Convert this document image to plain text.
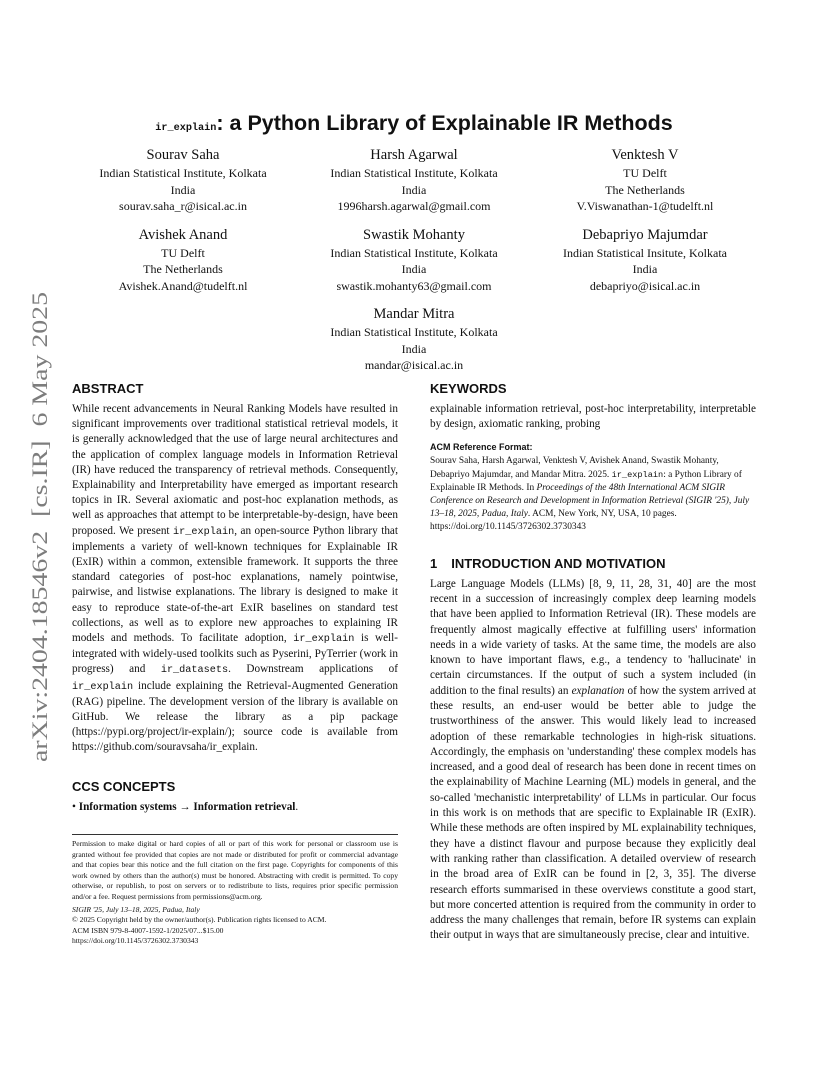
arXiv:2404.18546v2  [cs.IR]  6 May 2025
ir_explain: a Python Library of Explainable IR Methods
Sourav Saha
Indian Statistical Institute, Kolkata
India
sourav.saha_r@isical.ac.in
Harsh Agarwal
Indian Statistical Institute, Kolkata
India
1996harsh.agarwal@gmail.com
Venktesh V
TU Delft
The Netherlands
V.Viswanathan-1@tudelft.nl
Avishek Anand
TU Delft
The Netherlands
Avishek.Anand@tudelft.nl
Swastik Mohanty
Indian Statistical Institute, Kolkata
India
swastik.mohanty63@gmail.com
Debapriyo Majumdar
Indian Statistical Insitute, Kolkata
India
debapriyo@isical.ac.in
Mandar Mitra
Indian Statistical Institute, Kolkata
India
mandar@isical.ac.in
ABSTRACT

While recent advancements in Neural Ranking Models have resulted in significant improvements over traditional statistical retrieval models, it is generally acknowledged that the use of large neural architectures and the application of complex language models in Information Retrieval (IR) have reduced the transparency of retrieval methods. Consequently, Explainability and Interpretability have emerged as important research topics in IR. Several axiomatic and post-hoc explanation methods, as well as approaches that attempt to be interpretable-by-design, have been proposed. We present ir_explain, an open-source Python library that implements a variety of well-known techniques for Explainable IR (ExIR) within a common, extensible framework. It supports the three standard categories of post-hoc explanations, namely pointwise, pairwise, and listwise explanations. The library is designed to make it easy to reproduce state-of-the-art ExIR baselines on standard test collections, as well as to explore new approaches to explaining IR models and methods. To facilitate adoption, ir_explain is well-integrated with widely-used toolkits such as Pyserini, PyTerrier (work in progress) and ir_datasets. Downstream applications of ir_explain include explaining the Retrieval-Augmented Generation (RAG) pipeline. The development version of the library is available on GitHub. We release the library as a pip package (https://pypi.org/project/ir-explain/); source code is available from https://github.com/souravsaha/ir_explain.

CCS CONCEPTS

• Information systems → Information retrieval.

Permission to make digital or hard copies of all or part of this work for personal or classroom use is granted without fee provided that copies are not made or distributed for profit or commercial advantage and that copies bear this notice and the full citation on the first page. Copyrights for components of this work owned by others than the author(s) must be honored. Abstracting with credit is permitted. To copy otherwise, or republish, to post on servers or to redistribute to lists, requires prior specific permission and/or a fee. Request permissions from permissions@acm.org.

SIGIR '25, July 13–18, 2025, Padua, Italy

© 2025 Copyright held by the owner/author(s). Publication rights licensed to ACM.

ACM ISBN 979-8-4007-1592-1/2025/07...$15.00

https://doi.org/10.1145/3726302.3730343

KEYWORDS

explainable information retrieval, post-hoc interpretability, interpretable by design, axiomatic ranking, probing

ACM Reference Format:

Sourav Saha, Harsh Agarwal, Venktesh V, Avishek Anand, Swastik Mohanty, Debapriyo Majumdar, and Mandar Mitra. 2025. ir_explain: a Python Library of Explainable IR Methods. In Proceedings of the 48th International ACM SIGIR Conference on Research and Development in Information Retrieval (SIGIR '25), July 13–18, 2025, Padua, Italy. ACM, New York, NY, USA, 10 pages. https://doi.org/10.1145/3726302.3730343

1 INTRODUCTION AND MOTIVATION

Large Language Models (LLMs) [8, 9, 11, 28, 31, 40] are the most recent in a succession of increasingly complex deep learning models that have been applied to Information Retrieval (IR). These models are frequently almost magically effective at fulfilling users' information needs in a wide variety of tasks. At the same time, the models are also known to have important flaws, e.g., a tendency to 'hallucinate' in certain circumstances. If the output of such a system included (in addition to the final results) an explanation of how the system arrived at these results, an end-user would be better able to judge the trustworthiness of the answer. This would likely lead to increased adoption of these remarkable technologies in high-risk situations. Accordingly, the emphasis on 'understanding' these complex models has increased, and a good deal of research has been done in recent times on the explainability of Machine Learning (ML) models in general, and the so-called 'mechanistic interpretability' of LLMs in particular. Our focus in this work is on methods that are specific to Explainable IR (ExIR). While these methods are often inspired by ML explainability techniques, they have a distinct flavour and purpose because they explicitly deal with ranking rather than classification. A detailed overview of research in the broad area of ExIR can be found in [2, 3, 35]. The diverse research efforts summarised in these overviews constitute a good start, but more concerted attention is required from the community in order to address the many challenges that remain, before IR systems can explain their output in ways that are simultaneously precise, clear and intuitive.
